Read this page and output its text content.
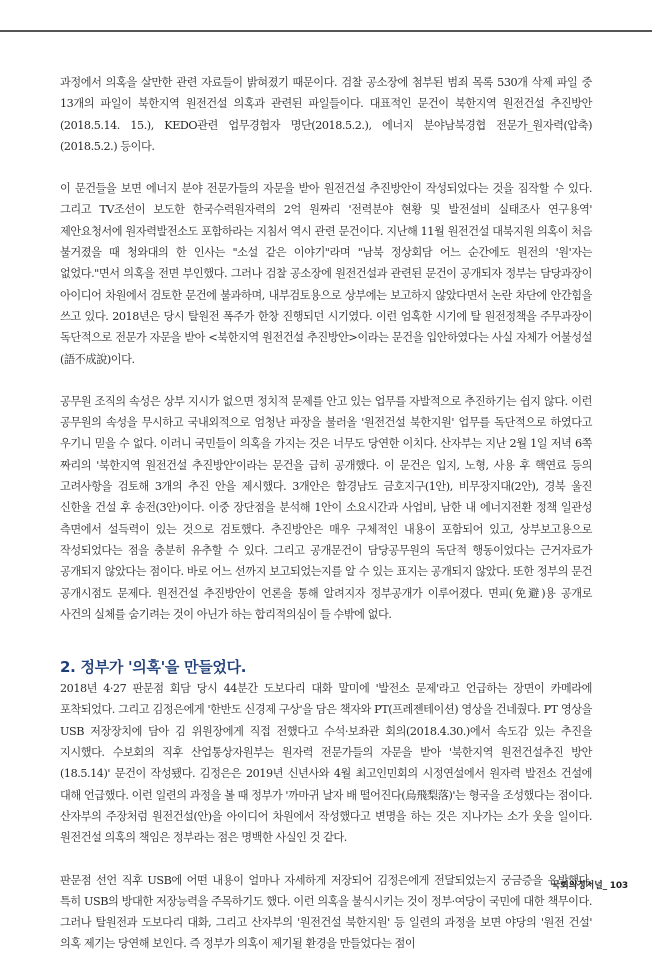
과정에서 의혹을 살만한 관련 자료들이 밝혀졌기 때문이다. 검찰 공소장에 첨부된 범죄 목록 530개 삭제 파일 중 13개의 파일이 북한지역 원전건설 의혹과 관련된 파일들이다. 대표적인 문건이 북한지역 원전건설 추진방안(2018.5.14. 15.), KEDO관련 업무경험자 명단(2018.5.2.), 에너지 분야남북경협 전문가_원자력(압축)(2018.5.2.) 등이다.

이 문건들을 보면 에너지 분야 전문가들의 자문을 받아 원전건설 추진방안이 작성되었다는 것을 짐작할 수 있다. 그리고 TV조선이 보도한 한국수력원자력의 2억 원짜리 '전력분야 현황 및 발전설비 실태조사 연구용역' 제안요청서에 원자력발전소도 포함하라는 지침서 역시 관련 문건이다. 지난해 11월 원전건설 대북지원 의혹이 처음 불거졌을 때 청와대의 한 인사는 "소설 같은 이야기"라며 "남북 정상회담 어느 순간에도 원전의 '원'자는 없었다."면서 의혹을 전면 부인했다. 그러나 검찰 공소장에 원전건설과 관련된 문건이 공개되자 정부는 담당과장이 아이디어 차원에서 검토한 문건에 불과하며, 내부검토용으로 상부에는 보고하지 않았다면서 논란 차단에 안간힘을 쓰고 있다. 2018년은 당시 탈원전 폭주가 한창 진행되던 시기였다. 이런 엄혹한 시기에 탈 원전정책을 주무과장이 독단적으로 전문가 자문을 받아 <북한지역 원전건설 추진방안>이라는 문건을 입안하였다는 사실 자체가 어불성설(語不成說)이다.

공무원 조직의 속성은 상부 지시가 없으면 정치적 문제를 안고 있는 업무를 자발적으로 추진하기는 쉽지 않다. 이런 공무원의 속성을 무시하고 국내외적으로 엄청난 파장을 불러올 '원전건설 북한지원' 업무를 독단적으로 하였다고 우기니 믿을 수 없다. 이러니 국민들이 의혹을 가지는 것은 너무도 당연한 이치다. 산자부는 지난 2월 1일 저녁 6쪽 짜리의 '북한지역 원전건설 추진방안'이라는 문건을 급히 공개했다. 이 문건은 입지, 노형, 사용 후 핵연료 등의 고려사항을 검토해 3개의 추진 안을 제시했다. 3개안은 함경남도 금호지구(1안), 비무장지대(2안), 경북 울진 신한울 건설 후 송전(3안)이다. 이중 장단점을 분석해 1안이 소요시간과 사업비, 남한 내 에너지전환 정책 일관성 측면에서 설득력이 있는 것으로 검토했다. 추진방안은 매우 구체적인 내용이 포함되어 있고, 상부보고용으로 작성되었다는 점을 충분히 유추할 수 있다. 그리고 공개문건이 담당공무원의 독단적 행동이었다는 근거자료가 공개되지 않았다는 점이다. 바로 어느 선까지 보고되었는지를 알 수 있는 표지는 공개되지 않았다. 또한 정부의 문건 공개시점도 문제다. 원전건설 추진방안이 언론을 통해 알려지자 정부공개가 이루어졌다. 면피(免避)용 공개로 사건의 실체를 숨기려는 것이 아닌가 하는 합리적의심이 들 수밖에 없다.

2. 정부가 '의혹'을 만들었다.

2018년 4·27 판문점 회담 당시 44분간 도보다리 대화 말미에 '발전소 문제'라고 언급하는 장면이 카메라에 포착되었다. 그리고 김정은에게 '한반도 신경제 구상'을 담은 책자와 PT(프레젠테이션) 영상을 건네줬다. PT 영상을 USB 저장장치에 담아 김 위원장에게 직접 전했다고 수석·보좌관 회의(2018.4.30.)에서 속도감 있는 추진을 지시했다. 수보회의 직후 산업통상자원부는 원자력 전문가들의 자문을 받아 '북한지역 원전건설추진 방안(18.5.14)' 문건이 작성됐다. 김정은은 2019년 신년사와 4월 최고인민회의 시정연설에서 원자력 발전소 건설에 대해 언급했다. 이런 일련의 과정을 볼 때 정부가 '까마귀 날자 배 떨어진다(烏飛梨落)'는 형국을 조성했다는 점이다. 산자부의 주장처럼 원전건설(안)을 아이디어 차원에서 작성했다고 변명을 하는 것은 지나가는 소가 웃을 일이다. 원전건설 의혹의 책임은 정부라는 점은 명백한 사실인 것 같다.

판문점 선언 직후 USB에 어떤 내용이 얼마나 자세하게 저장되어 김정은에게 전달되었는지 궁금증을 유발했다. 특히 USB의 방대한 저장능력을 주목하기도 했다. 이런 의혹을 불식시키는 것이 정부·여당이 국민에 대한 책무이다. 그러나 탈원전과 도보다리 대화, 그리고 산자부의 '원전건설 북한지원' 등 일련의 과정을 보면 야당의 '원전 건설' 의혹 제기는 당연해 보인다. 즉 정부가 의혹이 제기될 환경을 만들었다는 점이

국회의정저널_ 103
